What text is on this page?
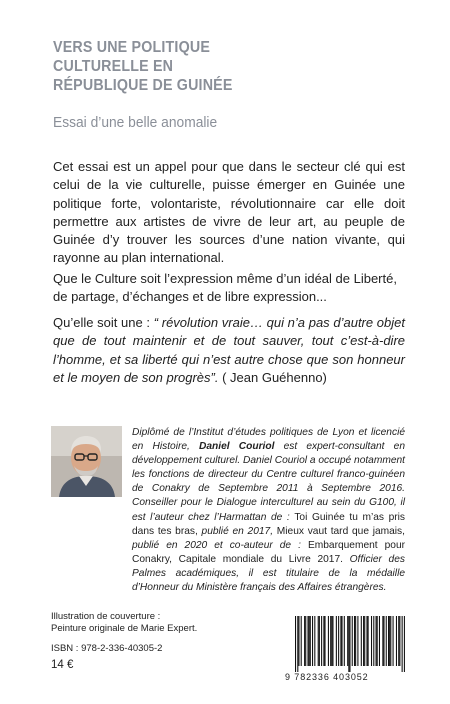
VERS UNE POLITIQUE
CULTURELLE EN
RÉPUBLIQUE DE GUINÉE
Essai d’une belle anomalie
Cet essai est un appel pour que dans le secteur clé qui est celui de la vie culturelle, puisse émerger en Guinée une politique forte, volontariste, révolutionnaire car elle doit permettre aux artistes de vivre de leur art, au peuple de Guinée d’y trouver les sources d’une nation vivante, qui rayonne au plan international.
Que le Culture soit l’expression même d’un idéal de Liberté, de partage, d’échanges et de libre expression...
Qu’elle soit une : “ révolution vraie… qui n’a pas d’autre objet que de tout maintenir et de tout sauver, tout c’est-à-dire l’homme, et sa liberté qui n’est autre chose que son honneur et le moyen de son progrès”. ( Jean Guéhenno)
Diplômé de l’Institut d’études politiques de Lyon et licencié en Histoire, Daniel Couriol est expert-consultant en développement culturel. Daniel Couriol a occupé notamment les fonctions de directeur du Centre culturel franco-guinéen de Conakry de Septembre 2011 à Septembre 2016. Conseiller pour le Dialogue interculturel au sein du G100, il est l’auteur chez l’Harmattan de : Toi Guinée tu m’as pris dans tes bras, publié en 2017, Mieux vaut tard que jamais, publié en 2020 et co-auteur de : Embarquement pour Conakry, Capitale mondiale du Livre 2017. Officier des Palmes académiques, il est titulaire de la médaille d’Honneur du Ministère français des Affaires étrangères.
Illustration de couverture :
Peinture originale de Marie Expert.
ISBN : 978-2-336-40305-2
14 €
9 782336 403052
